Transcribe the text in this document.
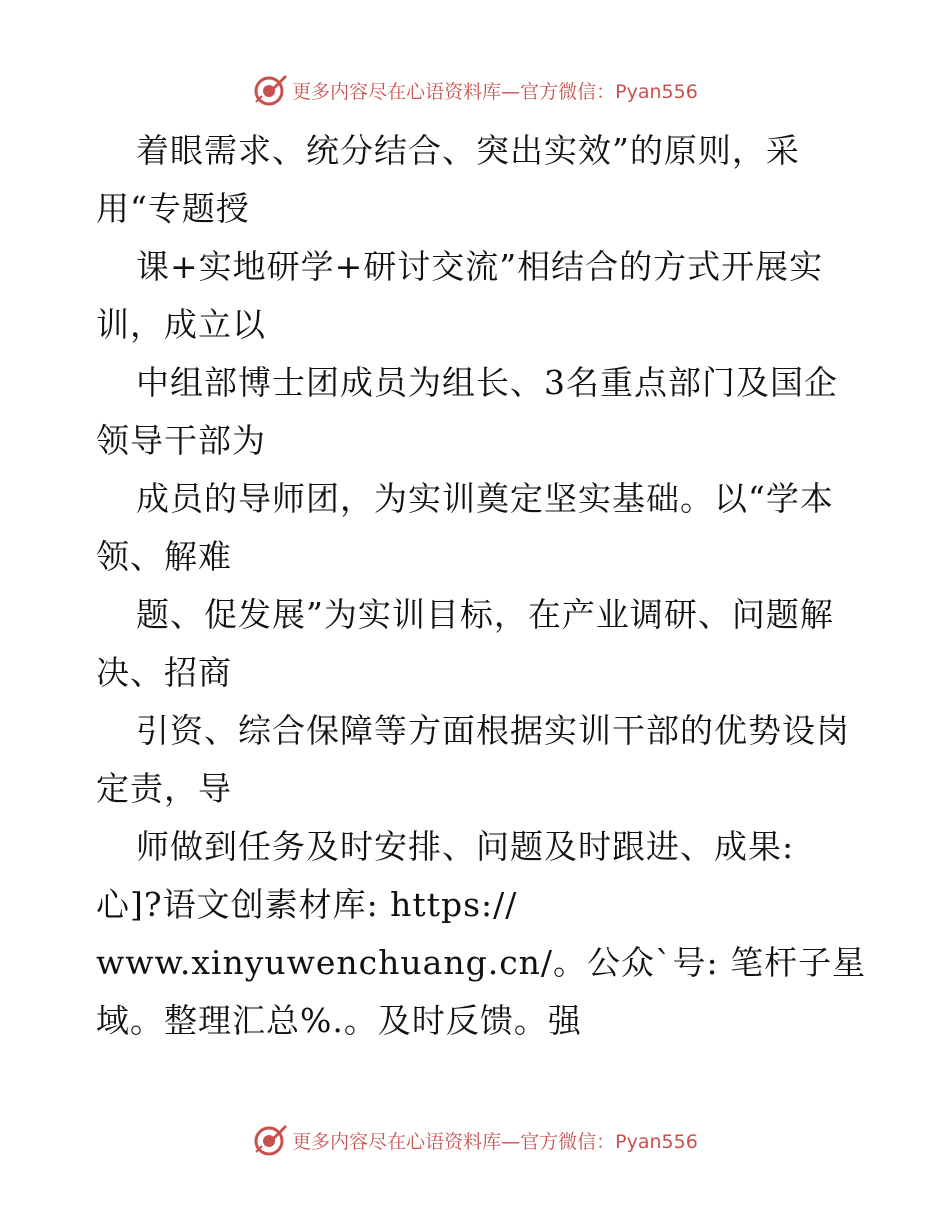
更多内容尽在心语资料库—官方微信：Pyan556
着眼需求、统分结合、突出实效”的原则，采
用“专题授
课+实地研学+研讨交流”相结合的方式开展实
训，成立以
中组部博士团成员为组长、3名重点部门及国企
领导干部为
成员的导师团，为实训奠定坚实基础。以“学本
领、解难
题、促发展”为实训目标，在产业调研、问题解
决、招商
引资、综合保障等方面根据实训干部的优势设岗
定责，导
师做到任务及时安排、问题及时跟进、成果:
心]?语文创素材库: https://
www.xinyuwenchuang.cn/。公众`号: 笔杆子星
域。整理汇总%.。及时反馈。强
更多内容尽在心语资料库—官方微信：Pyan556
